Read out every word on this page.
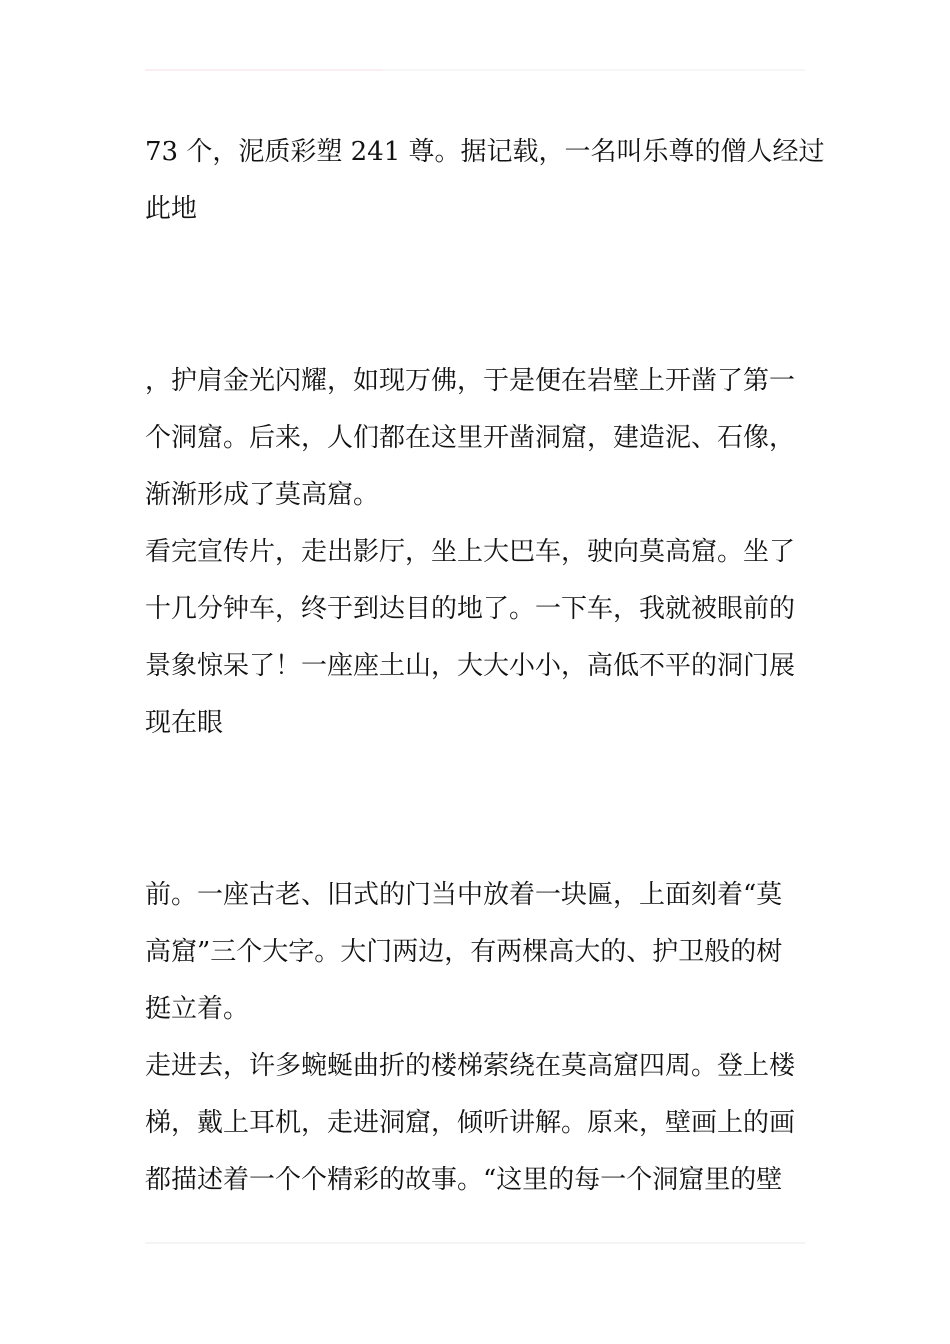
73 个，泥质彩塑 241 尊。据记载，一名叫乐尊的僧人经过
此地
，护肩金光闪耀，如现万佛，于是便在岩壁上开凿了第一
个洞窟。后来，人们都在这里开凿洞窟，建造泥、石像，
渐渐形成了莫高窟。
看完宣传片，走出影厅，坐上大巴车，驶向莫高窟。坐了
十几分钟车，终于到达目的地了。一下车，我就被眼前的
景象惊呆了！一座座土山，大大小小，高低不平的洞门展
现在眼
前。一座古老、旧式的门当中放着一块匾，上面刻着“莫
高窟”三个大字。大门两边，有两棵高大的、护卫般的树
挺立着。
走进去，许多蜿蜒曲折的楼梯萦绕在莫高窟四周。登上楼
梯，戴上耳机，走进洞窟，倾听讲解。原来，壁画上的画
都描述着一个个精彩的故事。“这里的每一个洞窟里的壁
